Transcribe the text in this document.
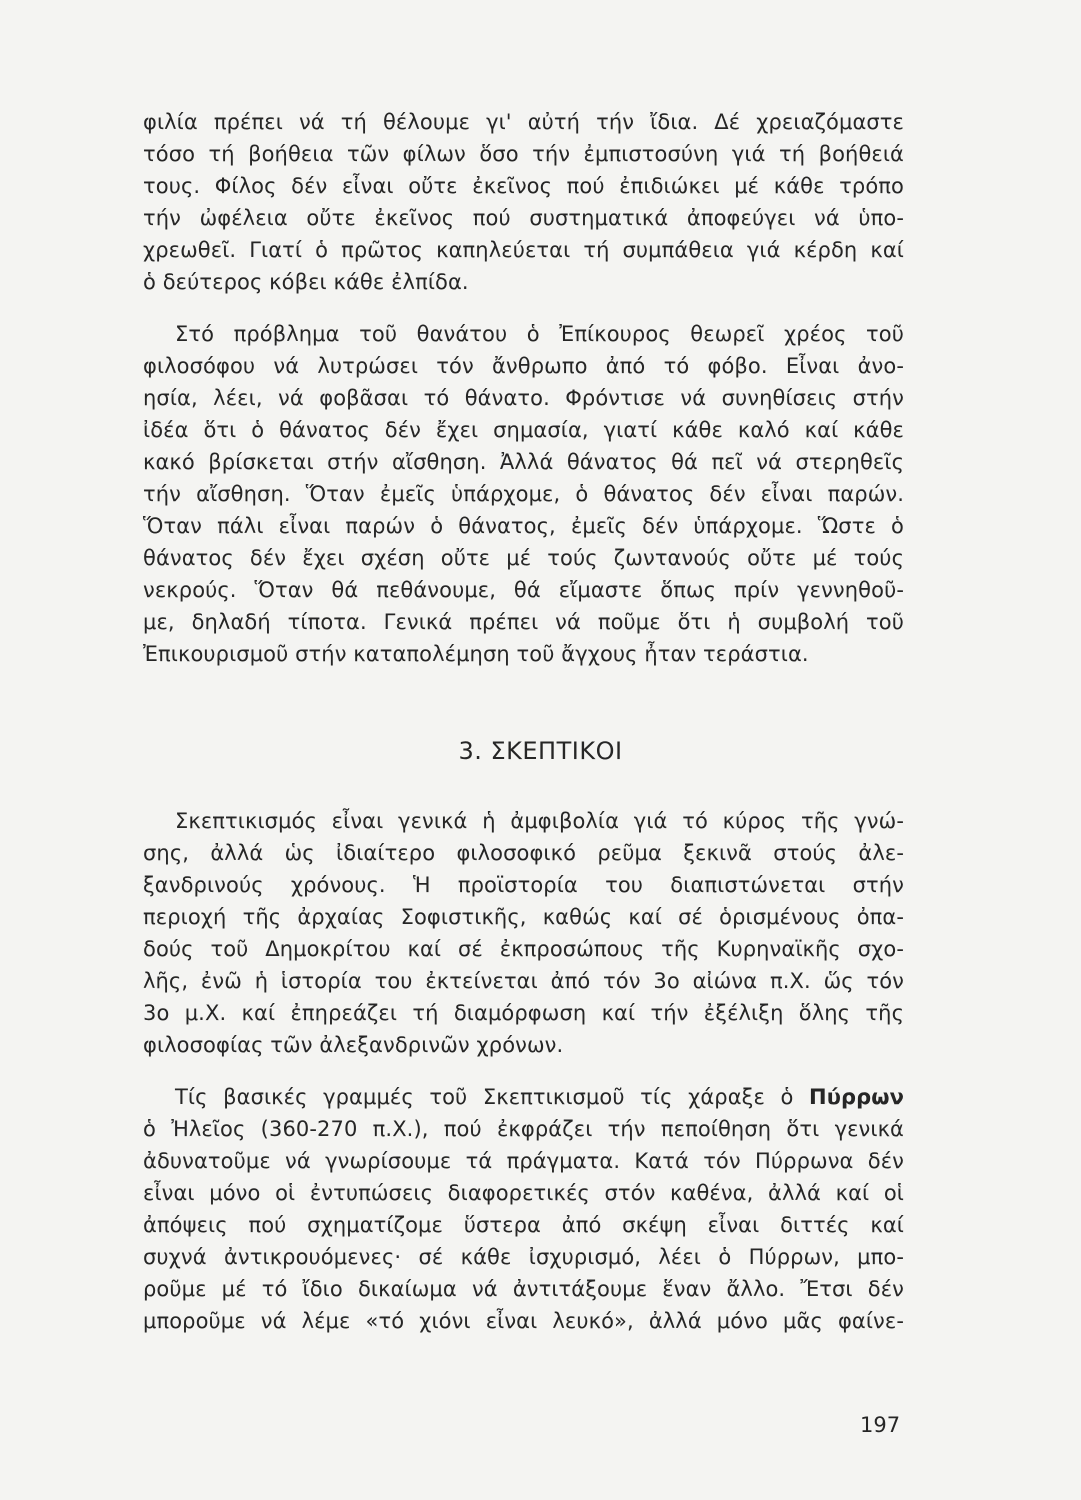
φιλία πρέπει νά τή θέλουμε γι' αὐτή τήν ἴδια. Δέ χρειαζόμαστε
τόσο τή βοήθεια τῶν φίλων ὅσο τήν ἐμπιστοσύνη γιά τή βοήθειά
τους. Φίλος δέν εἶναι οὔτε ἐκεῖνος πού ἐπιδιώκει μέ κάθε τρόπο
τήν ὠφέλεια οὔτε ἐκεῖνος πού συστηματικά ἀποφεύγει νά ὑπο-
χρεωθεῖ. Γιατί ὁ πρῶτος καπηλεύεται τή συμπάθεια γιά κέρδη καί
ὁ δεύτερος κόβει κάθε ἐλπίδα.
Στό πρόβλημα τοῦ θανάτου ὁ Ἐπίκουρος θεωρεῖ χρέος τοῦ
φιλοσόφου νά λυτρώσει τόν ἄνθρωπο ἀπό τό φόβο. Εἶναι ἀνο-
ησία, λέει, νά φοβᾶσαι τό θάνατο. Φρόντισε νά συνηθίσεις στήν
ἰδέα ὅτι ὁ θάνατος δέν ἔχει σημασία, γιατί κάθε καλό καί κάθε
κακό βρίσκεται στήν αἴσθηση. Ἀλλά θάνατος θά πεῖ νά στερηθεῖς
τήν αἴσθηση. Ὅταν ἐμεῖς ὑπάρχομε, ὁ θάνατος δέν εἶναι παρών.
Ὅταν πάλι εἶναι παρών ὁ θάνατος, ἐμεῖς δέν ὑπάρχομε. Ὥστε ὁ
θάνατος δέν ἔχει σχέση οὔτε μέ τούς ζωντανούς οὔτε μέ τούς
νεκρούς. Ὅταν θά πεθάνουμε, θά εἴμαστε ὅπως πρίν γεννηθοῦ-
με, δηλαδή τίποτα. Γενικά πρέπει νά ποῦμε ὅτι ἡ συμβολή τοῦ
Ἐπικουρισμοῦ στήν καταπολέμηση τοῦ ἄγχους ἦταν τεράστια.
3. ΣΚΕΠΤΙΚΟΙ
Σκεπτικισμός εἶναι γενικά ἡ ἀμφιβολία γιά τό κύρος τῆς γνώ-
σης, ἀλλά ὡς ἰδιαίτερο φιλοσοφικό ρεῦμα ξεκινᾶ στούς ἀλε-
ξανδρινούς χρόνους. Ἡ προϊστορία του διαπιστώνεται στήν
περιοχή τῆς ἀρχαίας Σοφιστικῆς, καθώς καί σέ ὁρισμένους ὀπα-
δούς τοῦ Δημοκρίτου καί σέ ἐκπροσώπους τῆς Κυρηναϊκῆς σχο-
λῆς, ἐνῶ ἡ ἱστορία του ἐκτείνεται ἀπό τόν 3ο αἰώνα π.Χ. ὥς τόν
3ο μ.Χ. καί ἐπηρεάζει τή διαμόρφωση καί τήν ἐξέλιξη ὅλης τῆς
φιλοσοφίας τῶν ἀλεξανδρινῶν χρόνων.
Τίς βασικές γραμμές τοῦ Σκεπτικισμοῦ τίς χάραξε ὁ Πύρρων
ὁ Ἠλεῖος (360-270 π.Χ.), πού ἐκφράζει τήν πεποίθηση ὅτι γενικά
ἀδυνατοῦμε νά γνωρίσουμε τά πράγματα. Κατά τόν Πύρρωνα δέν
εἶναι μόνο οἱ ἐντυπώσεις διαφορετικές στόν καθένα, ἀλλά καί οἱ
ἀπόψεις πού σχηματίζομε ὕστερα ἀπό σκέψη εἶναι διττές καί
συχνά ἀντικρουόμενες· σέ κάθε ἰσχυρισμό, λέει ὁ Πύρρων, μπο-
ροῦμε μέ τό ἴδιο δικαίωμα νά ἀντιτάξουμε ἕναν ἄλλο. Ἔτσι δέν
μποροῦμε νά λέμε «τό χιόνι εἶναι λευκό», ἀλλά μόνο μᾶς φαίνε-
197
